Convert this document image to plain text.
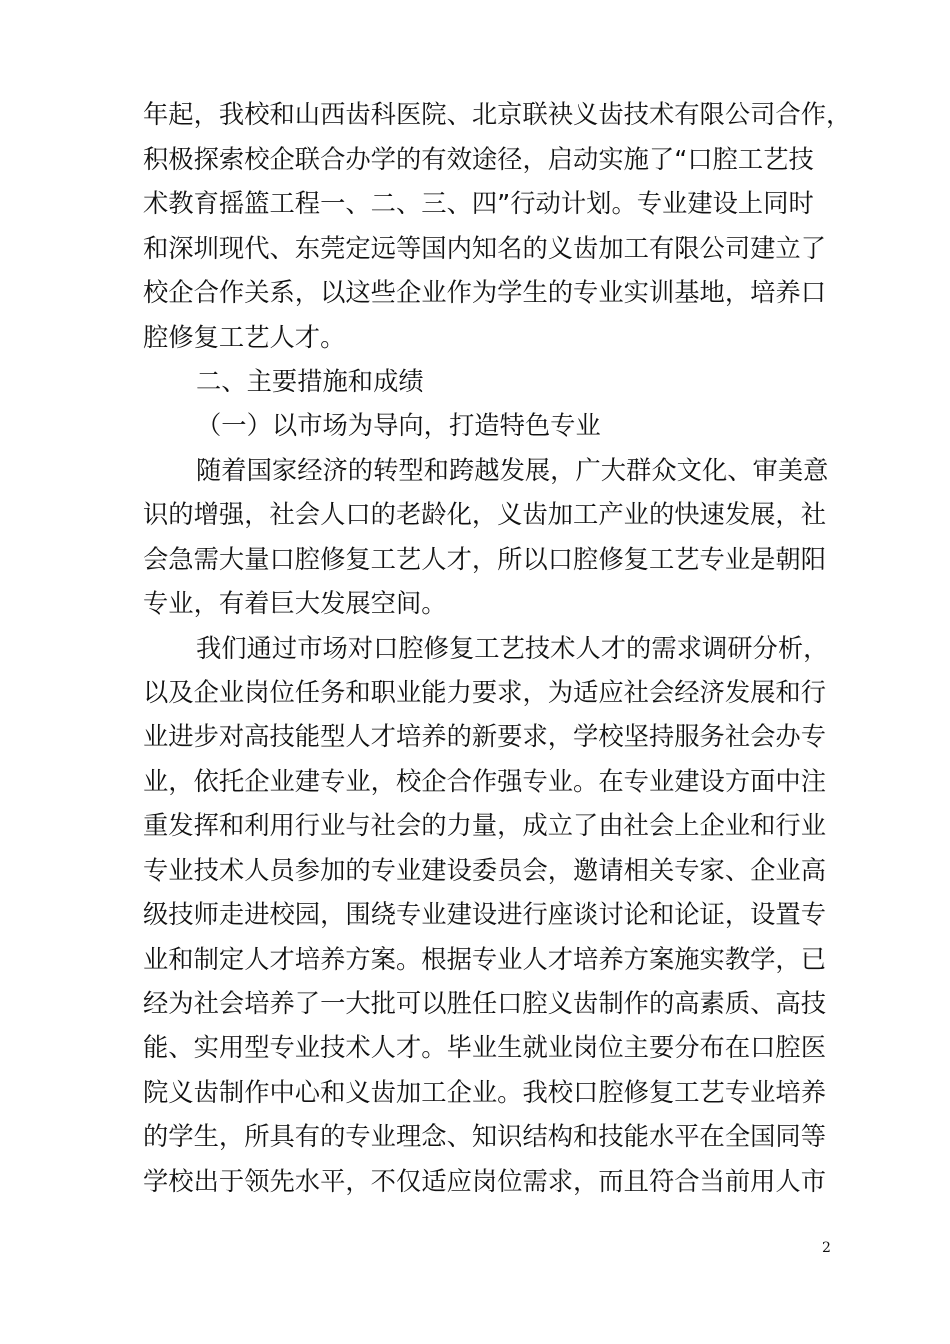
年起，我校和山西齿科医院、北京联袂义齿技术有限公司合作，
积极探索校企联合办学的有效途径，启动实施了“口腔工艺技
术教育摇篮工程一、二、三、四”行动计划。专业建设上同时
和深圳现代、东莞定远等国内知名的义齿加工有限公司建立了
校企合作关系，以这些企业作为学生的专业实训基地，培养口
腔修复工艺人才。
二、主要措施和成绩
（一）以市场为导向，打造特色专业
随着国家经济的转型和跨越发展，广大群众文化、审美意
识的增强，社会人口的老龄化，义齿加工产业的快速发展，社
会急需大量口腔修复工艺人才，所以口腔修复工艺专业是朝阳
专业，有着巨大发展空间。
我们通过市场对口腔修复工艺技术人才的需求调研分析，
以及企业岗位任务和职业能力要求，为适应社会经济发展和行
业进步对高技能型人才培养的新要求，学校坚持服务社会办专
业，依托企业建专业，校企合作强专业。在专业建设方面中注
重发挥和利用行业与社会的力量，成立了由社会上企业和行业
专业技术人员参加的专业建设委员会，邀请相关专家、企业高
级技师走进校园，围绕专业建设进行座谈讨论和论证，设置专
业和制定人才培养方案。根据专业人才培养方案施实教学，已
经为社会培养了一大批可以胜任口腔义齿制作的高素质、高技
能、实用型专业技术人才。毕业生就业岗位主要分布在口腔医
院义齿制作中心和义齿加工企业。我校口腔修复工艺专业培养
的学生，所具有的专业理念、知识结构和技能水平在全国同等
学校出于领先水平，不仅适应岗位需求，而且符合当前用人市
2
